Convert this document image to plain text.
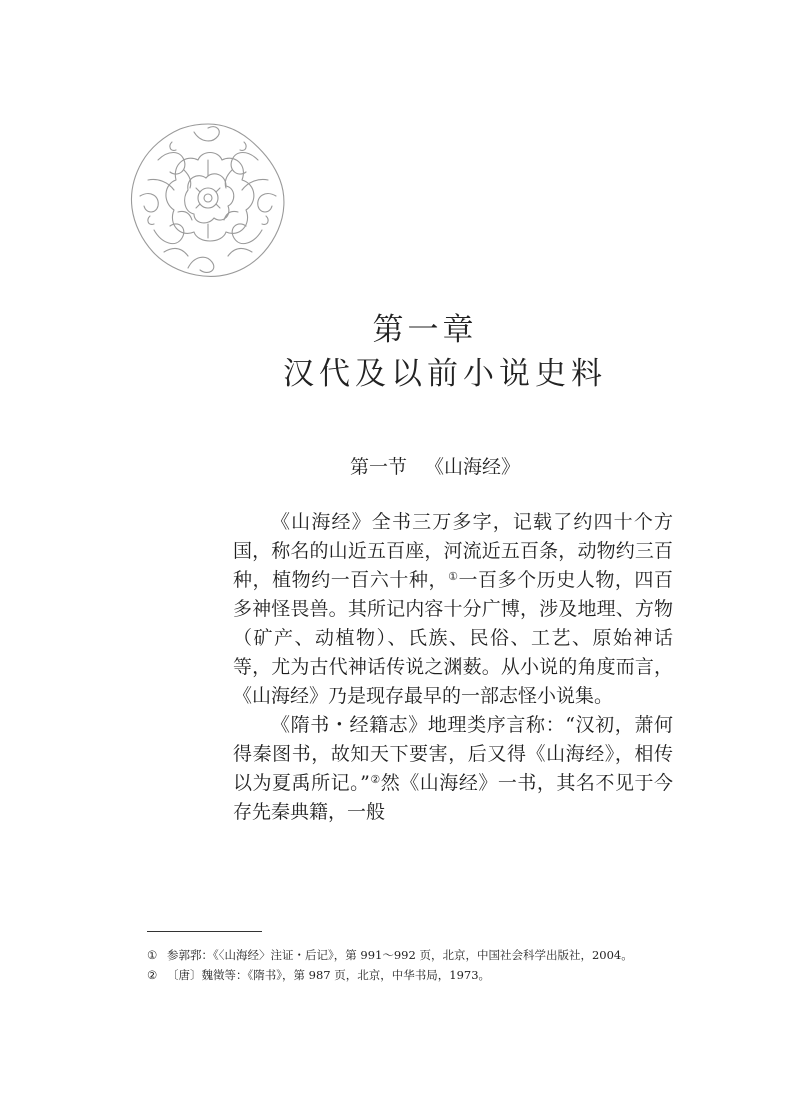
第一章
汉代及以前小说史料
第一节 《山海经》

《山海经》全书三万多字，记载了约四十个方国，称名的山近五百座，河流近五百条，动物约三百种，植物约一百六十种，①一百多个历史人物，四百多神怪畏兽。其所记内容十分广博，涉及地理、方物（矿产、动植物）、氏族、民俗、工艺、原始神话等，尤为古代神话传说之渊薮。从小说的角度而言，《山海经》乃是现存最早的一部志怪小说集。

《隋书・经籍志》地理类序言称：“汉初，萧何得秦图书，故知天下要害，后又得《山海经》，相传以为夏禹所记。”②然《山海经》一书，其名不见于今存先秦典籍，一般

① 参郭郛：《〈山海经〉注证・后记》，第 991～992 页，北京，中国社会科学出版社，2004。
② 〔唐〕魏徵等：《隋书》，第 987 页，北京，中华书局，1973。
